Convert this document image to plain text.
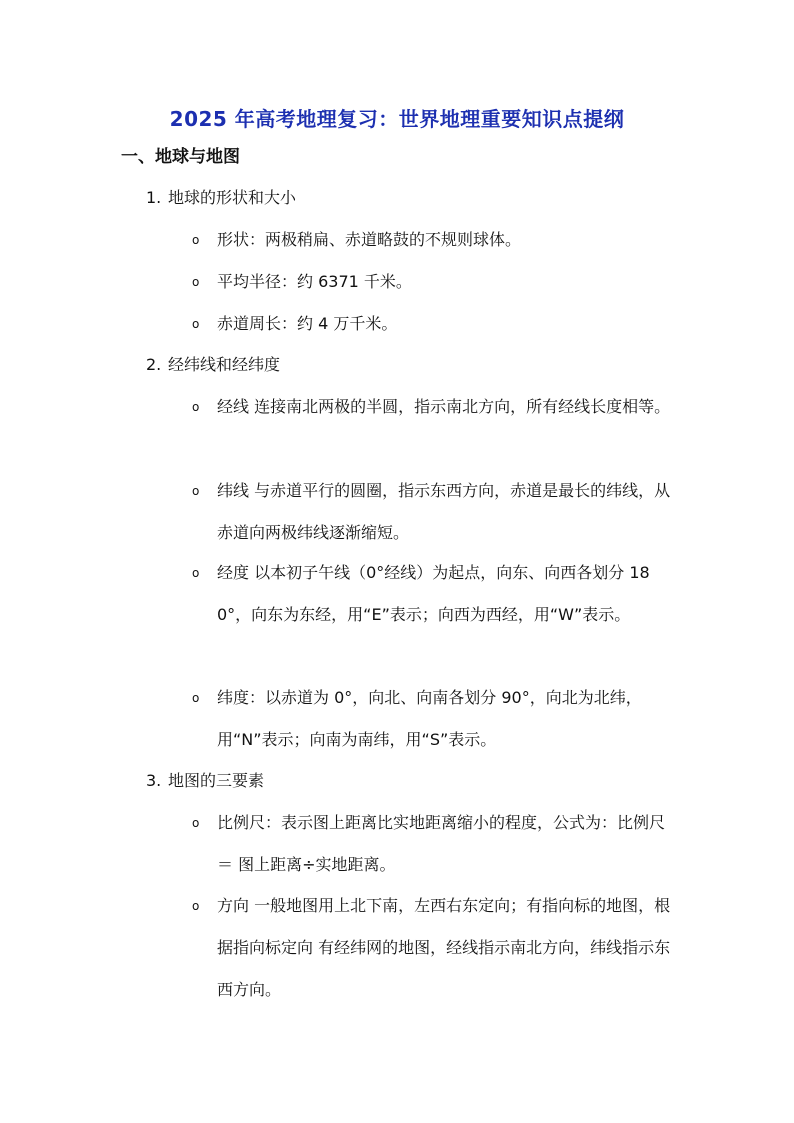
2025 年高考地理复习：世界地理重要知识点提纲
一、地球与地图
1. 地球的形状和大小
o	形状：两极稍扁、赤道略鼓的不规则球体。
o	平均半径：约 6371 千米。
o	赤道周长：约 4 万千米。
2. 经纬线和经纬度
o	经线 连接南北两极的半圆，指示南北方向，所有经线长度相等。
o	纬线 与赤道平行的圆圈，指示东西方向，赤道是最长的纬线，从赤道向两极纬线逐渐缩短。
o	经度 以本初子午线（0°经线）为起点，向东、向西各划分 180°，向东为东经，用“E”表示；向西为西经，用“W”表示。
o	纬度：以赤道为 0°，向北、向南各划分 90°，向北为北纬，用“N”表示；向南为南纬，用“S”表示。
3. 地图的三要素
o	比例尺：表示图上距离比实地距离缩小的程度，公式为：比例尺 ＝ 图上距离÷实地距离。
o	方向 一般地图用上北下南，左西右东定向；有指向标的地图，根据指向标定向 有经纬网的地图，经线指示南北方向，纬线指示东西方向。
